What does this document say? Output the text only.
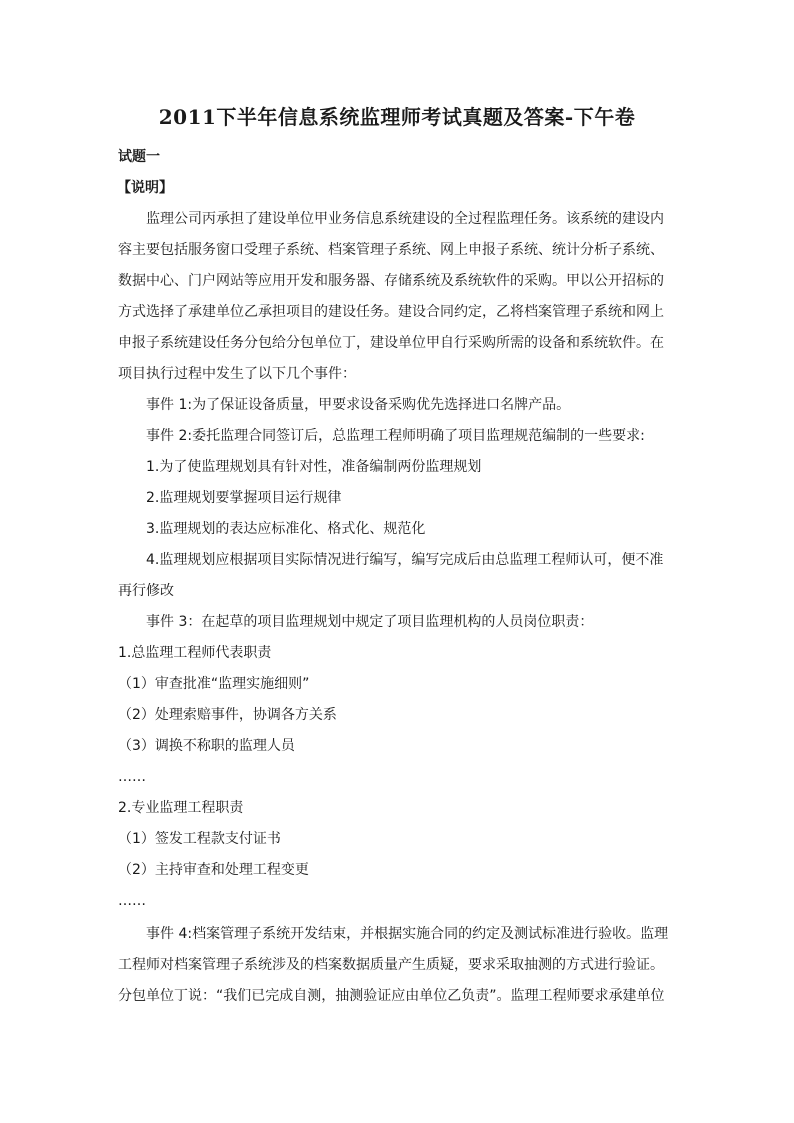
2011下半年信息系统监理师考试真题及答案-下午卷
试题一
【说明】
监理公司丙承担了建设单位甲业务信息系统建设的全过程监理任务。该系统的建设内
容主要包括服务窗口受理子系统、档案管理子系统、网上申报子系统、统计分析子系统、
数据中心、门户网站等应用开发和服务器、存储系统及系统软件的采购。甲以公开招标的
方式选择了承建单位乙承担项目的建设任务。建设合同约定，乙将档案管理子系统和网上
申报子系统建设任务分包给分包单位丁，建设单位甲自行采购所需的设备和系统软件。在
项目执行过程中发生了以下几个事件：
事件 1:为了保证设备质量，甲要求设备采购优先选择进口名牌产品。
事件 2:委托监理合同签订后，总监理工程师明确了项目监理规范编制的一些要求:
1.为了使监理规划具有针对性，准备编制两份监理规划
2.监理规划要掌握项目运行规律
3.监理规划的表达应标准化、格式化、规范化
4.监理规划应根据项目实际情况进行编写，编写完成后由总监理工程师认可，便不准
再行修改
事件 3：在起草的项目监理规划中规定了项目监理机构的人员岗位职责：
1.总监理工程师代表职责
（1）审查批准“监理实施细则”
（2）处理索赔事件，协调各方关系
（3）调换不称职的监理人员
……
2.专业监理工程职责
（1）签发工程款支付证书
（2）主持审查和处理工程变更
……
事件 4:档案管理子系统开发结束，并根据实施合同的约定及测试标准进行验收。监理
工程师对档案管理子系统涉及的档案数据质量产生质疑，要求采取抽测的方式进行验证。
分包单位丁说：“我们已完成自测，抽测验证应由单位乙负责”。监理工程师要求承建单位
